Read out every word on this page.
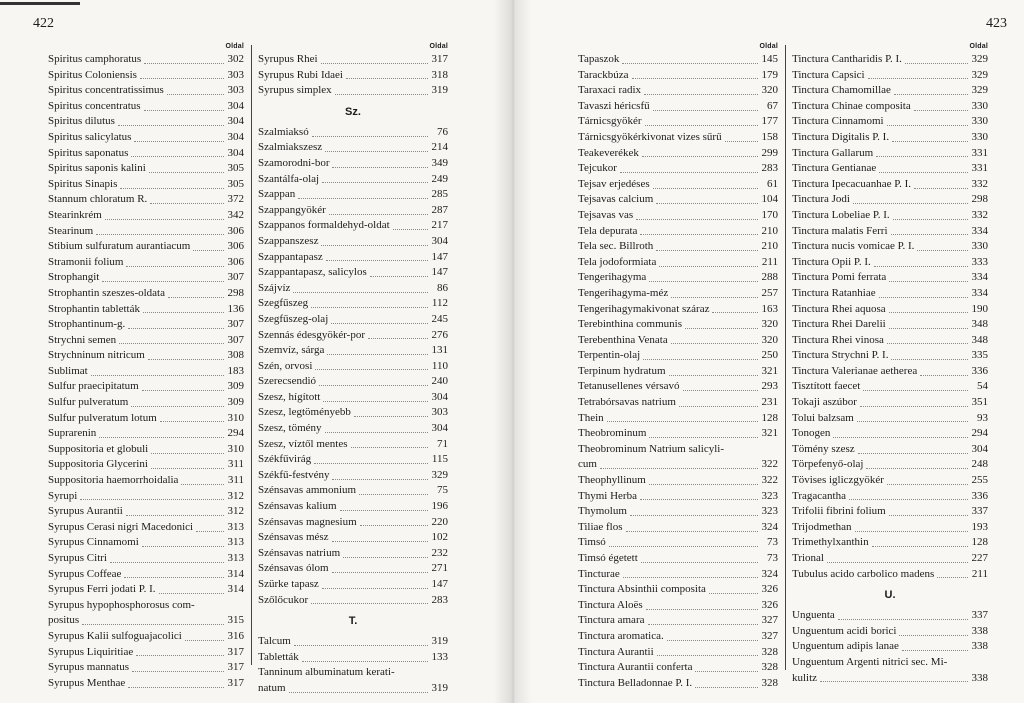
422	423
Oldal
Spiritus camphoratus	302
Spiritus Coloniensis	303
Spiritus concentratissimus	303
Spiritus concentratus	304
Spiritus dilutus	304
Spiritus salicylatus	304
Spiritus saponatus	304
Spiritus saponis kalini	305
Spiritus Sinapis	305
Stannum chloratum R.	372
Stearinkrém	342
Stearinum	306
Stibium sulfuratum aurantiacum	306
Stramonii folium	306
Strophangit	307
Strophantin szeszes-oldata	298
Strophantin tabletták	136
Strophantinum-g.	307
Strychni semen	307
Strychninum nitricum	308
Sublimat	183
Sulfur praecipitatum	309
Sulfur pulveratum	309
Sulfur pulveratum lotum	310
Suprarenin	294
Suppositoria et globuli	310
Suppositoria Glycerini	311
Suppositoria haemorrhoidalia	311
Syrupi	312
Syrupus Aurantii	312
Syrupus Cerasi nigri Macedonici	313
Syrupus Cinnamomi	313
Syrupus Citri	313
Syrupus Coffeae	314
Syrupus Ferri jodati P. I.	314
Syrupus hypophosphorosus com-
positus	315
Syrupus Kalii sulfoguajacolici	316
Syrupus Liquiritiae	317
Syrupus mannatus	317
Syrupus Menthae	317
Oldal
Syrupus Rhei	317
Syrupus Rubi Idaei	318
Syrupus simplex	319
Sz.
Szalmiaksó	76
Szalmiakszesz	214
Szamorodni-bor	349
Szantálfa-olaj	249
Szappan	285
Szappangyökér	287
Szappanos formaldehyd-oldat	217
Szappanszesz	304
Szappantapasz	147
Szappantapasz, salicylos	147
Szájvíz	86
Szegfűszeg	112
Szegfűszeg-olaj	245
Szennás édesgyökér-por	276
Szemvíz, sárga	131
Szén, orvosi	110
Szerecsendió	240
Szesz, hígított	304
Szesz, legtöményebb	303
Szesz, tömény	304
Szesz, víztől mentes	71
Székfűvirág	115
Székfű-festvény	329
Szénsavas ammonium	75
Szénsavas kalium	196
Szénsavas magnesium	220
Szénsavas mész	102
Szénsavas natrium	232
Szénsavas ólom	271
Szürke tapasz	147
Szőlőcukor	283
T.
Talcum	319
Tabletták	133
Tanninum albuminatum kerati-
natum	319
Oldal
Tapaszok	145
Tarackbúza	179
Taraxaci radix	320
Tavaszi héricsfű	67
Tárnicsgyökér	177
Tárnicsgyökérkivonat vizes sűrű	158
Teakeverékek	299
Tejcukor	283
Tejsav erjedéses	61
Tejsavas calcium	104
Tejsavas vas	170
Tela depurata	210
Tela sec. Billroth	210
Tela jodoformiata	211
Tengerihagyma	288
Tengerihagyma-méz	257
Tengerihagymakivonat száraz	163
Terebinthina communis	320
Terebenthina Venata	320
Terpentin-olaj	250
Terpinum hydratum	321
Tetanusellenes vérsavó	293
Tetrabórsavas natrium	231
Thein	128
Theobrominum	321
Theobrominum Natrium salicyli-
cum	322
Theophyllinum	322
Thymi Herba	323
Thymolum	323
Tiliae flos	324
Timsó	73
Timsó égetett	73
Tincturae	324
Tinctura Absinthii composita	326
Tinctura Aloës	326
Tinctura amara	327
Tinctura aromatica.	327
Tinctura Aurantii	328
Tinctura Aurantii conferta	328
Tinctura Belladonnae P. I.	328
Oldal
Tinctura Cantharidis P. I.	329
Tinctura Capsici	329
Tinctura Chamomillae	329
Tinctura Chinae composita	330
Tinctura Cinnamomi	330
Tinctura Digitalis P. I.	330
Tinctura Gallarum	331
Tinctura Gentianae	331
Tinctura Ipecacuanhae P. I.	332
Tinctura Jodi	298
Tinctura Lobeliae P. I.	332
Tinctura malatis Ferri	334
Tinctura nucis vomicae P. I.	330
Tinctura Opii P. I.	333
Tinctura Pomi ferrata	334
Tinctura Ratanhiae	334
Tinctura Rhei aquosa	190
Tinctura Rhei Darelii	348
Tinctura Rhei vinosa	348
Tinctura Strychni P. I.	335
Tinctura Valerianae aetherea	336
Tisztított faecet	54
Tokaji aszúbor	351
Tolui balzsam	93
Tonogen	294
Töménу szesz	304
Törpefenyő-olaj	248
Tövises igliczgyökér	255
Tragacantha	336
Trifolii fibrini folium	337
Trijodmethan	193
Trimethylxanthin	128
Trional	227
Tubulus acido carbolico madens	211
U.
Unguenta	337
Unguentum acidi borici	338
Unguentum adipis lanae	338
Unguentum Argenti nitrici sec. Mi-
kulitz	338
